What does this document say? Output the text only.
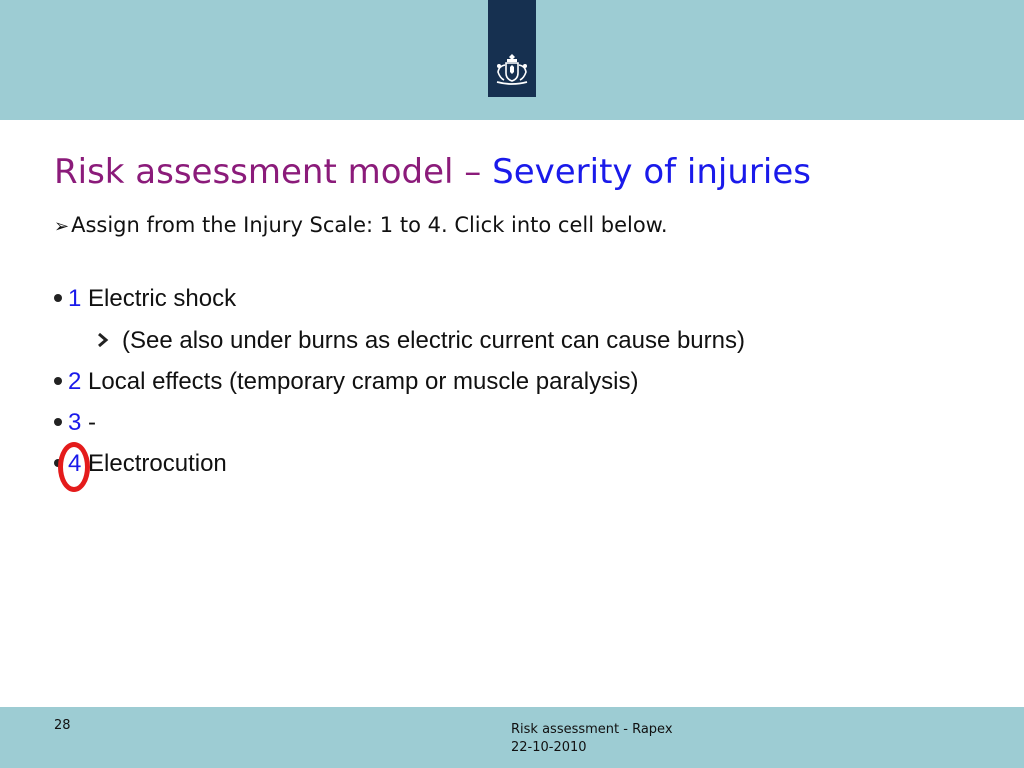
Risk assessment model – Severity of injuries
➢Assign from the Injury Scale: 1 to 4. Click into cell below.
1 Electric shock
(See also under burns as electric current can cause burns)
2 Local effects (temporary cramp or muscle paralysis)
3 -
4 Electrocution
28	Risk assessment - Rapex
22-10-2010
